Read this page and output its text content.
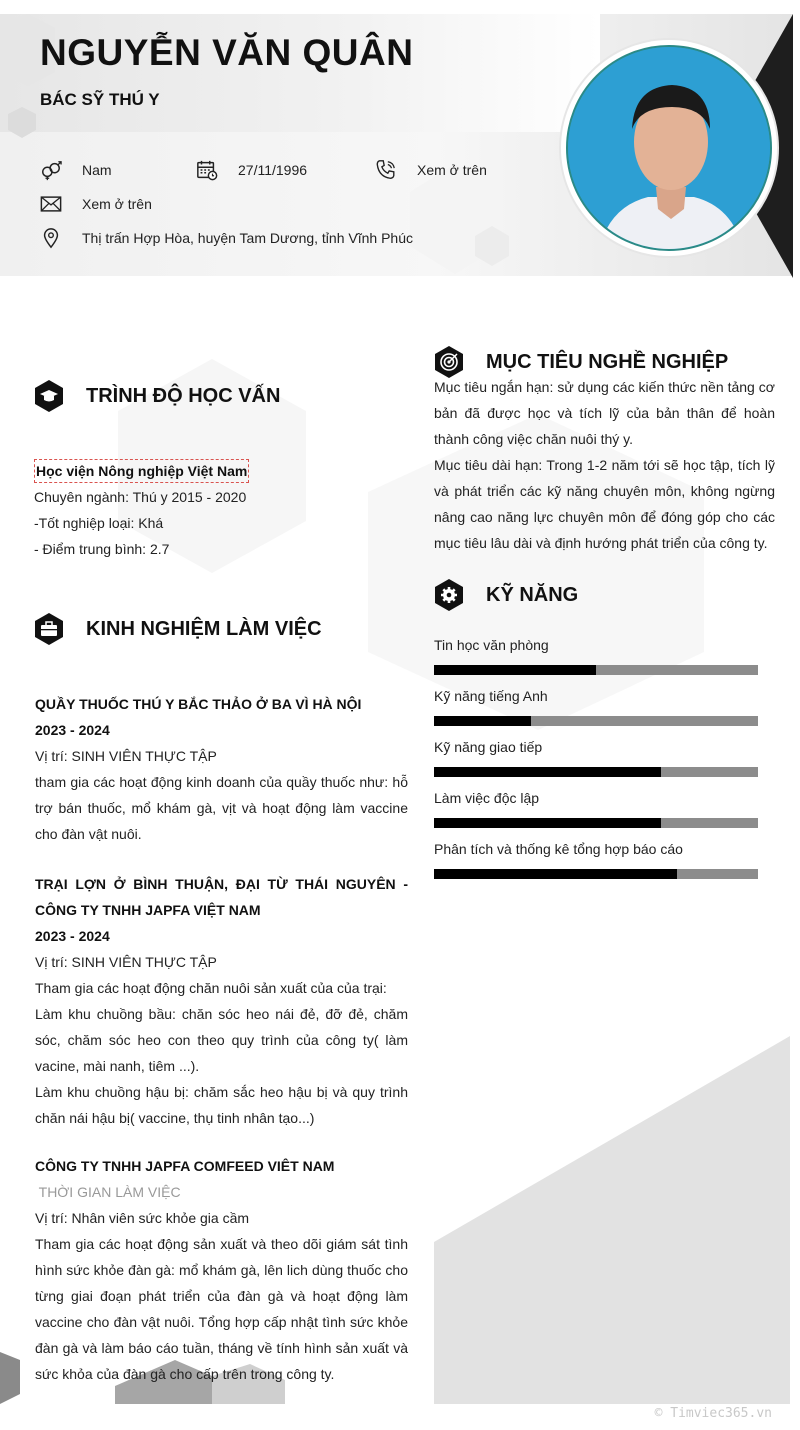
NGUYỄN VĂN QUÂN
BÁC SỸ THÚ Y
Nam	27/11/1996	Xem ở trên
Xem ở trên
Thị trấn Hợp Hòa, huyện Tam Dương, tỉnh Vĩnh Phúc
TRÌNH ĐỘ HỌC VẤN
Học viện Nông nghiệp Việt Nam
Chuyên ngành: Thú y 2015 - 2020
-Tốt nghiệp loại: Khá
- Điểm trung bình: 2.7
KINH NGHIỆM LÀM VIỆC
QUẦY THUỐC THÚ Y BẮC THẢO Ở BA VÌ HÀ NỘI
2023 - 2024
Vị trí: SINH VIÊN THỰC TẬP
tham gia các hoạt động kinh doanh của quầy thuốc như: hỗ trợ bán thuốc, mổ khám gà, vịt và hoạt động làm vaccine cho đàn vật nuôi.
TRẠI LỢN Ở BÌNH THUẬN, ĐẠI TỪ THÁI NGUYÊN - CÔNG TY TNHH JAPFA VIỆT NAM
2023 - 2024
Vị trí: SINH VIÊN THỰC TẬP
Tham gia các hoạt động chăn nuôi sản xuất của của trại:
Làm khu chuồng bầu: chăn sóc heo nái đẻ, đỡ đẻ, chăm sóc, chăm sóc heo con theo quy trình của công ty( làm vacine, mài nanh, tiêm ...).
Làm khu chuồng hậu bị: chăm sắc heo hậu bị và quy trình chăn nái hậu bị( vaccine, thụ tinh nhân tạo...)
CÔNG TY TNHH JAPFA COMFEED VIÊT NAM
THỜI GIAN LÀM VIỆC
Vị trí: Nhân viên sức khỏe gia cầm
Tham gia các hoạt động sản xuất và theo dõi giám sát tình hình sức khỏe đàn gà: mổ khám gà, lên lich dùng thuốc cho từng giai đoạn phát triển của đàn gà và hoạt động làm vaccine cho đàn vật nuôi. Tổng hợp cấp nhật tình sức khỏe đàn gà và làm báo cáo tuần, tháng về tính hình sản xuất và sức khỏa của đàn gà cho cấp trên trong công ty.
MỤC TIÊU NGHỀ NGHIỆP
Mục tiêu ngắn hạn: sử dụng các kiến thức nền tảng cơ bản đã được học và tích lỹ của bản thân để hoàn thành công việc chăn nuôi thý y.
Mục tiêu dài hạn: Trong 1-2 năm tới sẽ học tập, tích lỹ và phát triển các kỹ năng chuyên môn, không ngừng nâng cao năng lực chuyên môn để đóng góp cho các mục tiêu lâu dài và định hướng phát triển của công ty.
KỸ NĂNG
Tin học văn phòng
Kỹ năng tiếng Anh
Kỹ năng giao tiếp
Làm việc độc lập
Phân tích và thống kê tổng hợp báo cáo
© Timviec365.vn
